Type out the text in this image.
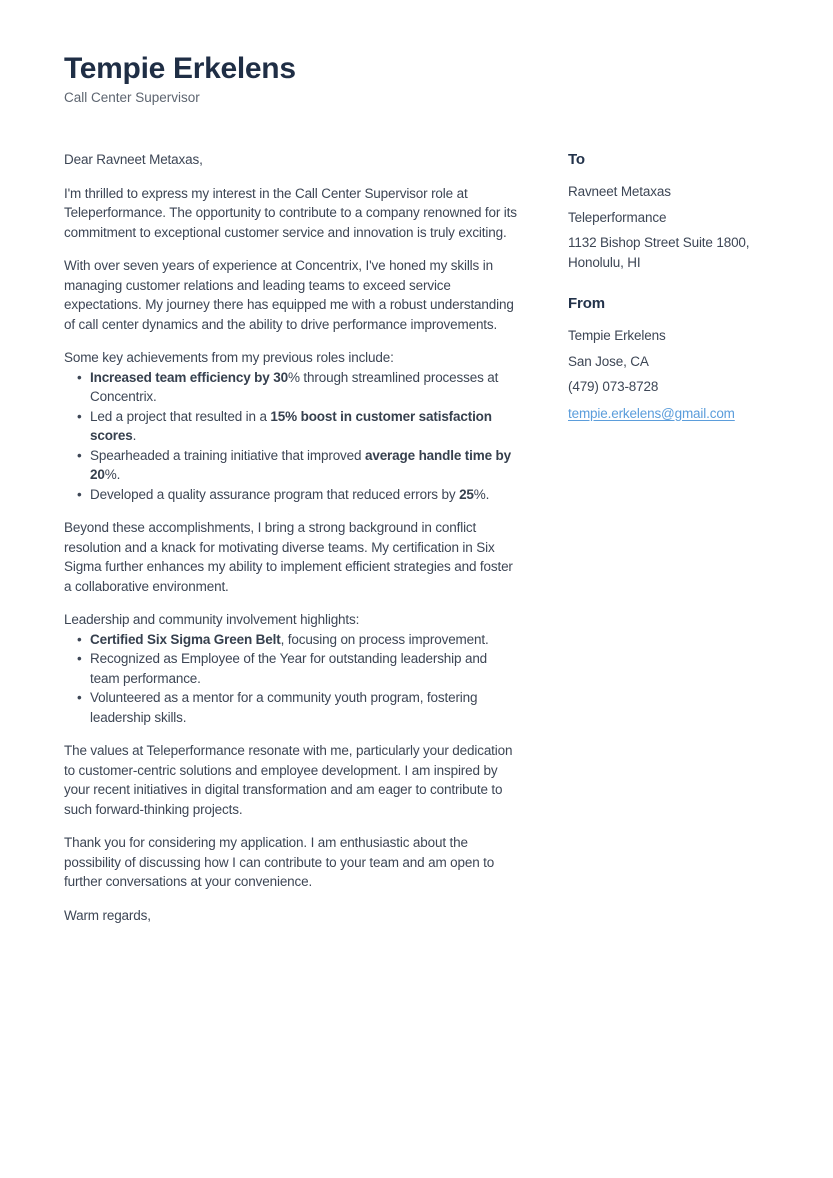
Tempie Erkelens
Call Center Supervisor

Dear Ravneet Metaxas,

I'm thrilled to express my interest in the Call Center Supervisor role at Teleperformance. The opportunity to contribute to a company renowned for its commitment to exceptional customer service and innovation is truly exciting.

With over seven years of experience at Concentrix, I've honed my skills in managing customer relations and leading teams to exceed service expectations. My journey there has equipped me with a robust understanding of call center dynamics and the ability to drive performance improvements.

Some key achievements from my previous roles include:

• Increased team efficiency by 30% through streamlined processes at Concentrix.
• Led a project that resulted in a 15% boost in customer satisfaction scores.
• Spearheaded a training initiative that improved average handle time by 20%.
• Developed a quality assurance program that reduced errors by 25%.

Beyond these accomplishments, I bring a strong background in conflict resolution and a knack for motivating diverse teams. My certification in Six Sigma further enhances my ability to implement efficient strategies and foster a collaborative environment.

Leadership and community involvement highlights:

• Certified Six Sigma Green Belt, focusing on process improvement.
• Recognized as Employee of the Year for outstanding leadership and team performance.
• Volunteered as a mentor for a community youth program, fostering leadership skills.

The values at Teleperformance resonate with me, particularly your dedication to customer-centric solutions and employee development. I am inspired by your recent initiatives in digital transformation and am eager to contribute to such forward-thinking projects.

Thank you for considering my application. I am enthusiastic about the possibility of discussing how I can contribute to your team and am open to further conversations at your convenience.

Warm regards,

To
Ravneet Metaxas
Teleperformance
1132 Bishop Street Suite 1800, Honolulu, HI
From
Tempie Erkelens
San Jose, CA
(479) 073-8728
tempie.erkelens@gmail.com
